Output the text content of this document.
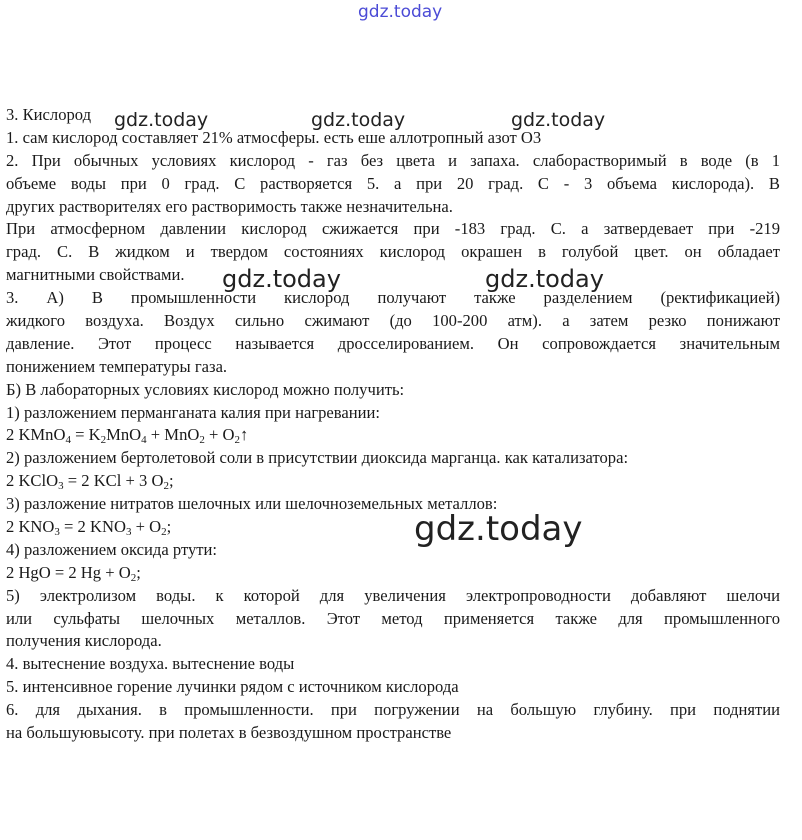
gdz.today
3. Кислород
1. сам кислород составляет 21% атмосферы. есть еше аллотропный азот О3
2. При обычных условиях кислород - газ без цвета и запаха. слаборастворимый в воде (в 1
объеме воды при 0 град. С растворяется 5. а при 20 град. С - 3 объема кислорода). В
других растворителях его растворимость также незначительна.
При атмосферном давлении кислород сжижается при -183 град. С. а затвердевает при -219
град. С. В жидком и твердом состояниях кислород окрашен в голубой цвет. он обладает
магнитными свойствами.
3. А) В промышленности кислород получают также разделением (ректификацией)
жидкого воздуха. Воздух сильно сжимают (до 100-200 атм). а затем резко понижают
давление. Этот процесс называется дросселированием. Он сопровождается значительным
понижением температуры газа.
Б) В лабораторных условиях кислород можно получить:
1) разложением перманганата калия при нагревании:
2 KMnO$_4$ = $K_2MnO_4 + MnO_2$ + $O_2↑$
2) разложением бертолетовой соли в присутствии диоксида марганца. как катализатора:
2 KClO$_3$ = 2 KCl + 3 $O_2$;
3) разложение нитратов шелочных или шелочноземельных металлов:
2 $KNO_3 = 2$ $KNO_3 + O_2$;
4) разложением оксида ртути:
2 HgO = 2 $Hg + O_2$;
5) электролизом воды. к которой для увеличения электропроводности добавляют шелочи
или сульфаты шелочных металлов. Этот метод применяется также для промышленного
получения кислорода.
4. вытеснение воздуха. вытеснение воды
5. интенсивное горение лучинки рядом с источником кислорода
6. для дыхания. в промышленности. при погружении на большую глубину. при поднятии
на большуювысоту. при полетах в безвоздушном пространстве
gdz.today	gdz.today	gdz.today
gdz.today	gdz.today
gdz.today
